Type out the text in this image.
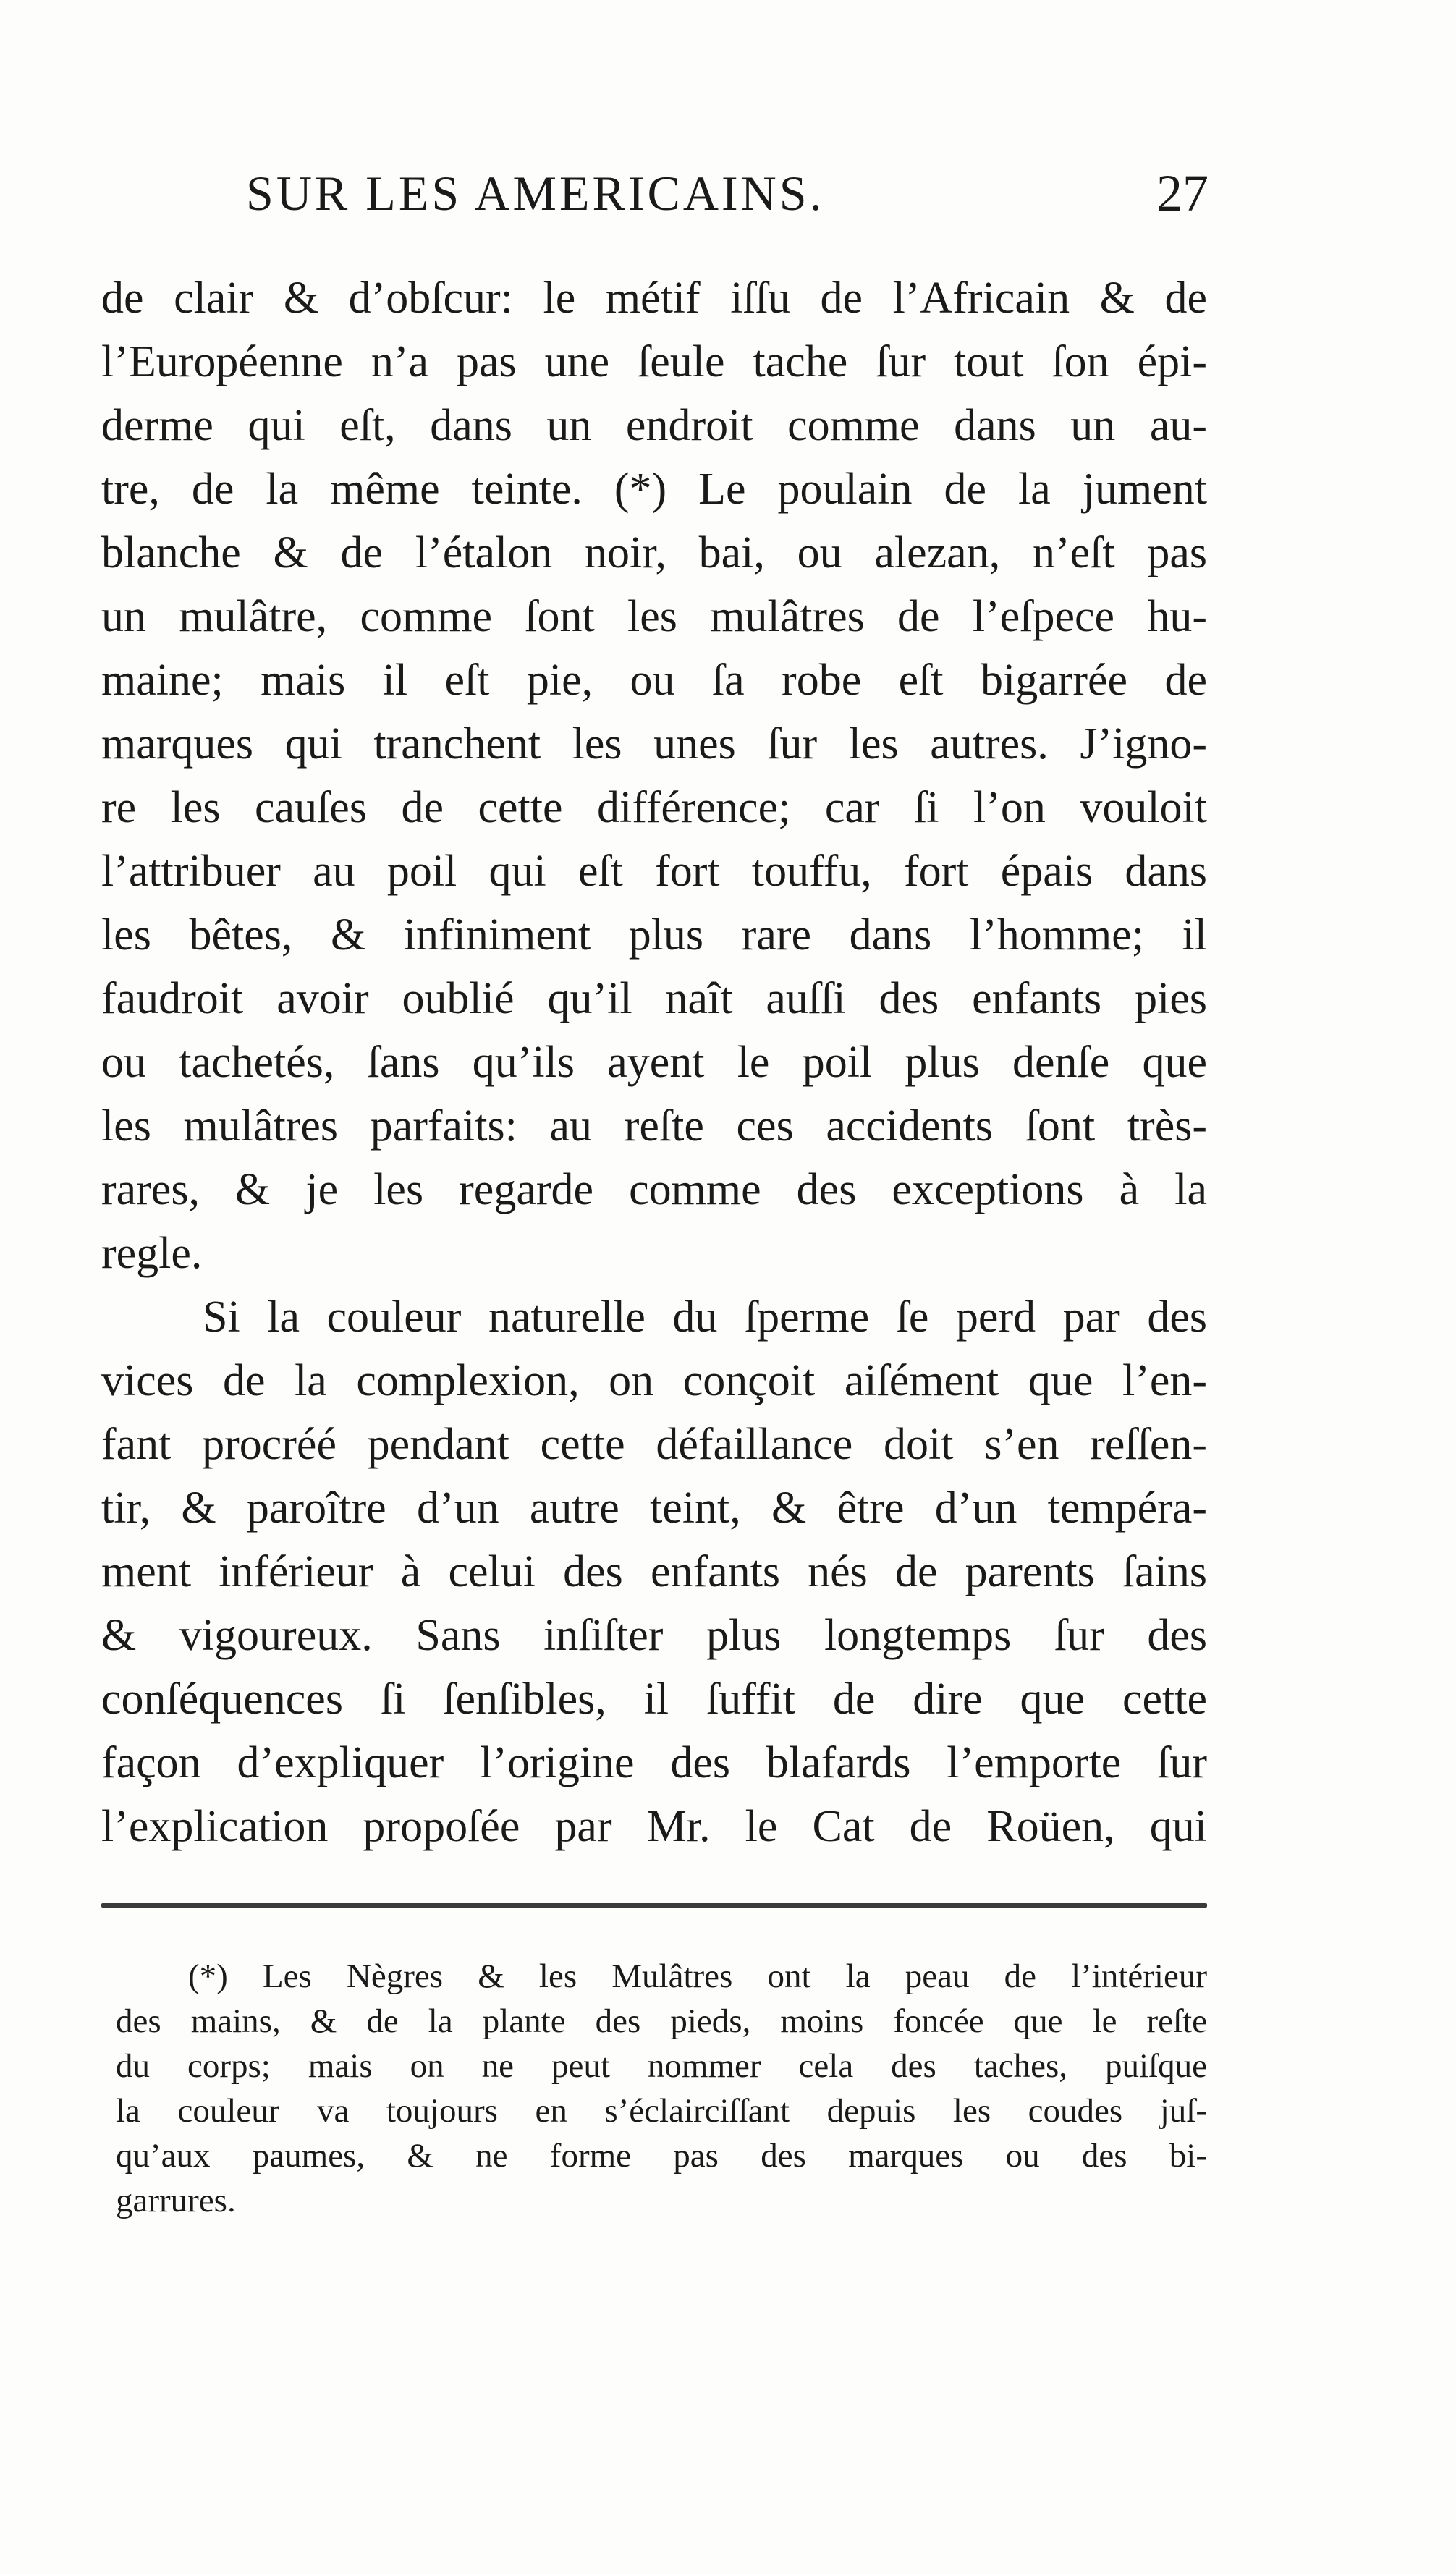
SUR LES AMERICAINS.	27
de clair & d’obſcur: le métif iſſu de l’Africain & de
l’Européenne n’a pas une ſeule tache ſur tout ſon épi-
derme qui eſt, dans un endroit comme dans un au-
tre, de la même teinte. (*) Le poulain de la jument
blanche & de l’étalon noir, bai, ou alezan, n’eſt pas
un mulâtre, comme ſont les mulâtres de l’eſpece hu-
maine; mais il eſt pie, ou ſa robe eſt bigarrée de
marques qui tranchent les unes ſur les autres. J’igno-
re les cauſes de cette différence; car ſi l’on vouloit
l’attribuer au poil qui eſt fort touffu, fort épais dans
les bêtes, & infiniment plus rare dans l’homme; il
faudroit avoir oublié qu’il naît auſſi des enfants pies
ou tachetés, ſans qu’ils ayent le poil plus denſe que
les mulâtres parfaits: au reſte ces accidents ſont très-
rares, & je les regarde comme des exceptions à la
regle.
Si la couleur naturelle du ſperme ſe perd par des
vices de la complexion, on conçoit aiſément que l’en-
fant procréé pendant cette défaillance doit s’en reſſen-
tir, & paroître d’un autre teint, & être d’un tempéra-
ment inférieur à celui des enfants nés de parents ſains
& vigoureux. Sans inſiſter plus longtemps ſur des
conſéquences ſi ſenſibles, il ſuffit de dire que cette
façon d’expliquer l’origine des blafards l’emporte ſur
l’explication propoſée par Mr. le Cat de Roüen, qui
(*) Les Nègres & les Mulâtres ont la peau de l’intérieur
des mains, & de la plante des pieds, moins foncée que le reſte
du corps; mais on ne peut nommer cela des taches, puiſque
la couleur va toujours en s’éclairciſſant depuis les coudes juſ-
qu’aux paumes, & ne forme pas des marques ou des bi-
garrures.
